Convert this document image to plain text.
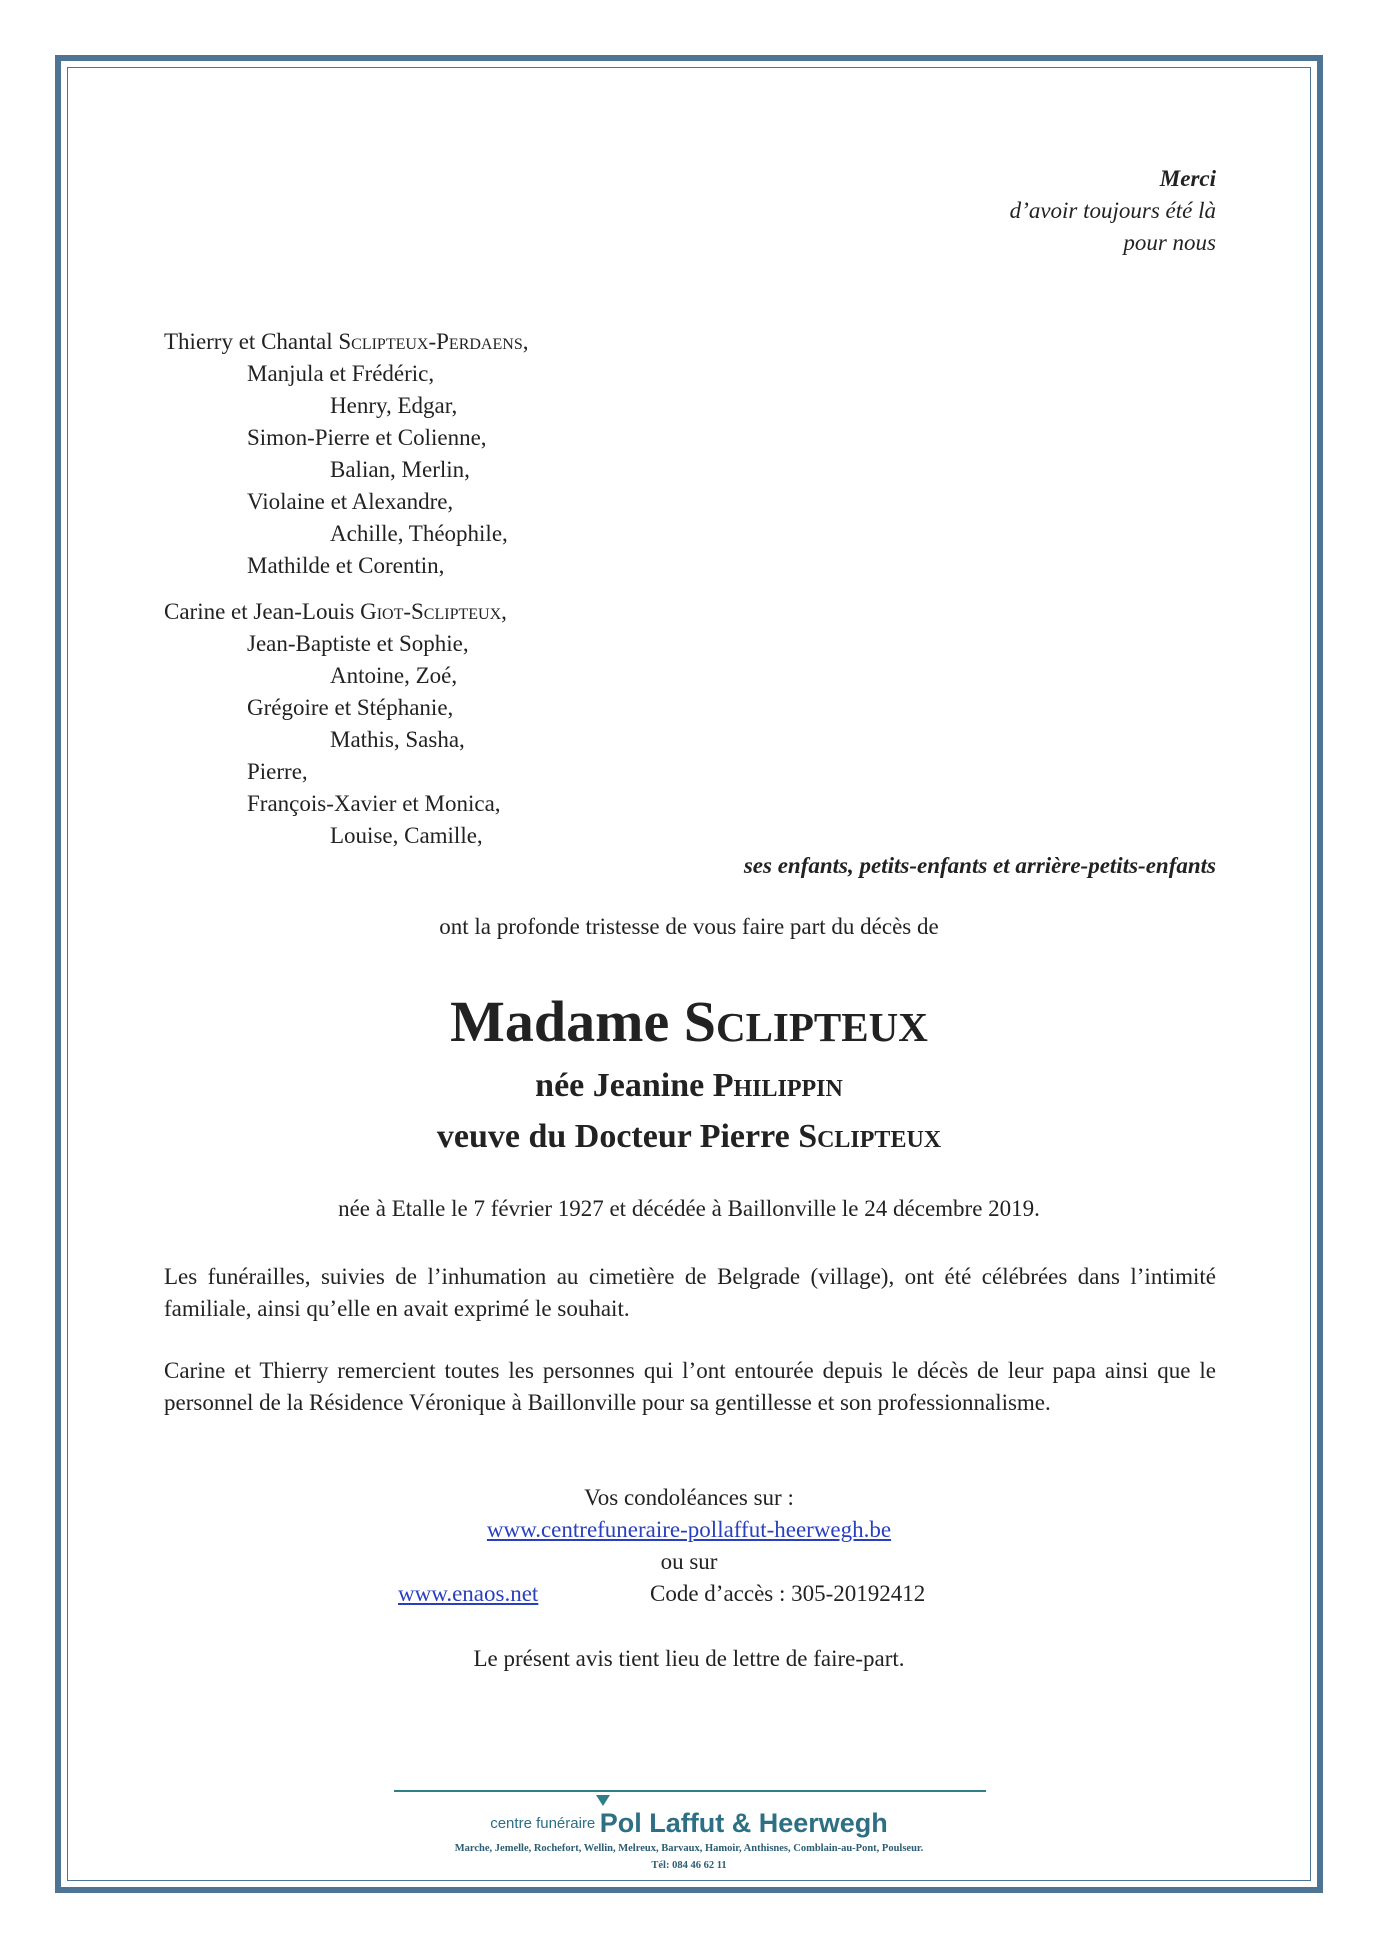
Merci
d’avoir toujours été là
pour nous
Thierry et Chantal Sclipteux-Perdaens,
Manjula et Frédéric,
Henry, Edgar,
Simon-Pierre et Colienne,
Balian, Merlin,
Violaine et Alexandre,
Achille, Théophile,
Mathilde et Corentin,
Carine et Jean-Louis Giot-Sclipteux,
Jean-Baptiste et Sophie,
Antoine, Zoé,
Grégoire et Stéphanie,
Mathis, Sasha,
Pierre,
François-Xavier et Monica,
Louise, Camille,
ses enfants, petits-enfants et arrière-petits-enfants
ont la profonde tristesse de vous faire part du décès de
Madame Sclipteux
née Jeanine Philippin
veuve du Docteur Pierre Sclipteux
née à Etalle le 7 février 1927 et décédée à Baillonville le 24 décembre 2019.
Les funérailles, suivies de l’inhumation au cimetière de Belgrade (village), ont été célébrées dans l’intimité familiale, ainsi qu’elle en avait exprimé le souhait.
Carine et Thierry remercient toutes les personnes qui l’ont entourée depuis le décès de leur papa ainsi que le personnel de la Résidence Véronique à Baillonville pour sa gentillesse et son professionnalisme.
Vos condoléances sur :
www.centrefuneraire-pollaffut-heerwegh.be
ou sur
www.enaos.net	Code d’accès : 305-20192412
Le présent avis tient lieu de lettre de faire-part.
centre funéraire Pol Laffut & Heerwegh
Marche, Jemelle, Rochefort, Wellin, Melreux, Barvaux, Hamoir, Anthisnes, Comblain-au-Pont, Poulseur.
Tél: 084 46 62 11
